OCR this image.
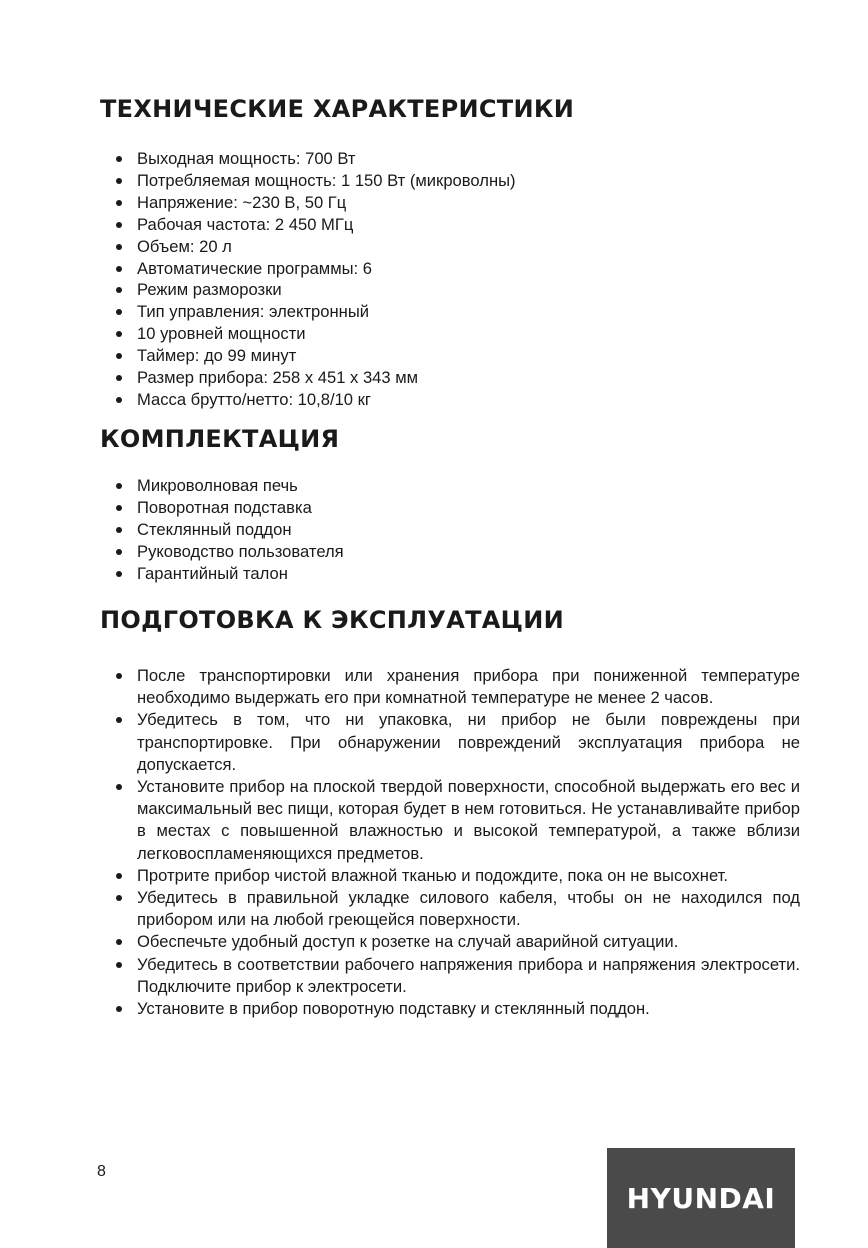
ТЕХНИЧЕСКИЕ ХАРАКТЕРИСТИКИ
Выходная мощность: 700 Вт
Потребляемая мощность: 1 150 Вт (микроволны)
Напряжение: ~230 В, 50 Гц
Рабочая частота: 2 450 МГц
Объем: 20 л
Автоматические программы: 6
Режим разморозки
Тип управления: электронный
10 уровней мощности
Таймер: до 99 минут
Размер прибора: 258 х 451 х 343 мм
Масса брутто/нетто: 10,8/10 кг
КОМПЛЕКТАЦИЯ
Микроволновая печь
Поворотная подставка
Стеклянный поддон
Руководство пользователя
Гарантийный талон
ПОДГОТОВКА К ЭКСПЛУАТАЦИИ
После транспортировки или хранения прибора при пониженной температуре необходимо выдержать его при комнатной температуре не менее 2 часов.
Убедитесь в том, что ни упаковка, ни прибор не были повреждены при транспортировке. При обнаружении повреждений эксплуатация прибора не допускается.
Установите прибор на плоской твердой поверхности, способной выдержать его вес и максимальный вес пищи, которая будет в нем готовиться. Не устанавливайте прибор в местах с повышенной влажностью и высокой температурой, а также вблизи легковоспламеняющихся предметов.
Протрите прибор чистой влажной тканью и подождите, пока он не высохнет.
Убедитесь в правильной укладке силового кабеля, чтобы он не находился под прибором или на любой греющейся поверхности.
Обеспечьте удобный доступ к розетке на случай аварийной ситуации.
Убедитесь в соответствии рабочего напряжения прибора и напряжения электросети. Подключите прибор к электросети.
Установите в прибор поворотную подставку и стеклянный поддон.
8
HYUNDAI
